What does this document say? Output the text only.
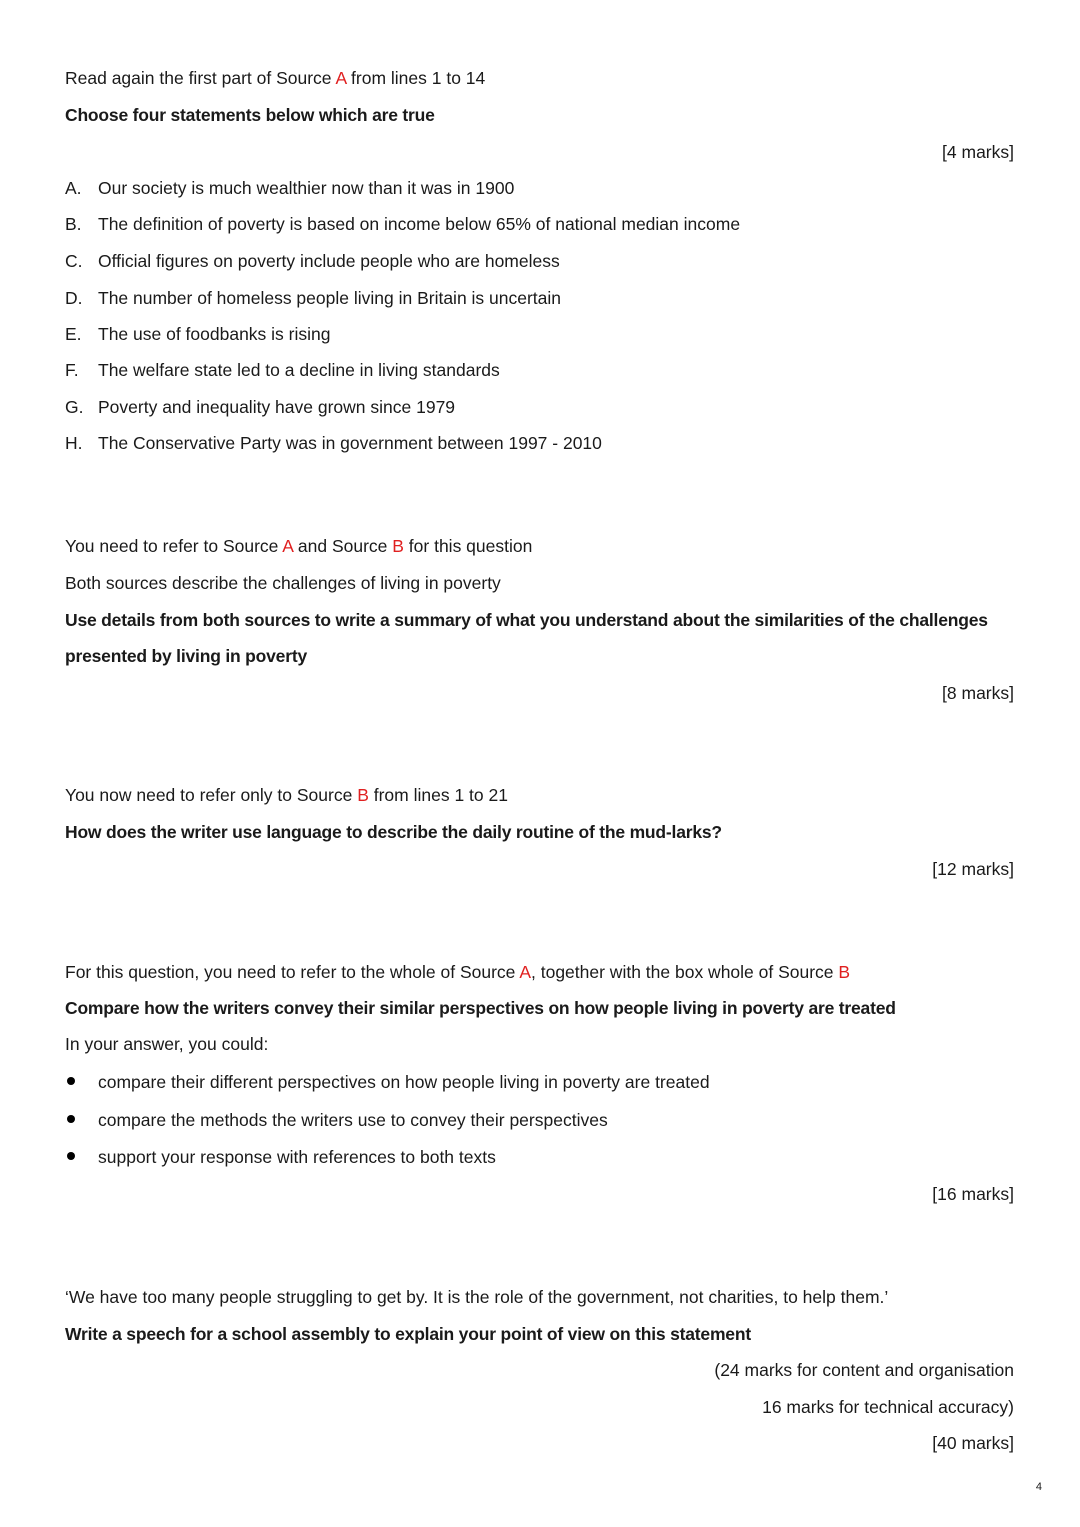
Read again the first part of Source A from lines 1 to 14
Choose four statements below which are true
[4 marks]
A. Our society is much wealthier now than it was in 1900
B. The definition of poverty is based on income below 65% of national median income
C. Official figures on poverty include people who are homeless
D. The number of homeless people living in Britain is uncertain
E. The use of foodbanks is rising
F. The welfare state led to a decline in living standards
G. Poverty and inequality have grown since 1979
H. The Conservative Party was in government between 1997 - 2010
You need to refer to Source A and Source B for this question
Both sources describe the challenges of living in poverty
Use details from both sources to write a summary of what you understand about the similarities of the challenges
presented by living in poverty
[8 marks]
You now need to refer only to Source B from lines 1 to 21
How does the writer use language to describe the daily routine of the mud-larks?
[12 marks]
For this question, you need to refer to the whole of Source A, together with the box whole of Source B
Compare how the writers convey their similar perspectives on how people living in poverty are treated
In your answer, you could:
compare their different perspectives on how people living in poverty are treated
compare the methods the writers use to convey their perspectives
support your response with references to both texts
[16 marks]
‘We have too many people struggling to get by. It is the role of the government, not charities, to help them.’
Write a speech for a school assembly to explain your point of view on this statement
(24 marks for content and organisation
16 marks for technical accuracy)
[40 marks]
4
